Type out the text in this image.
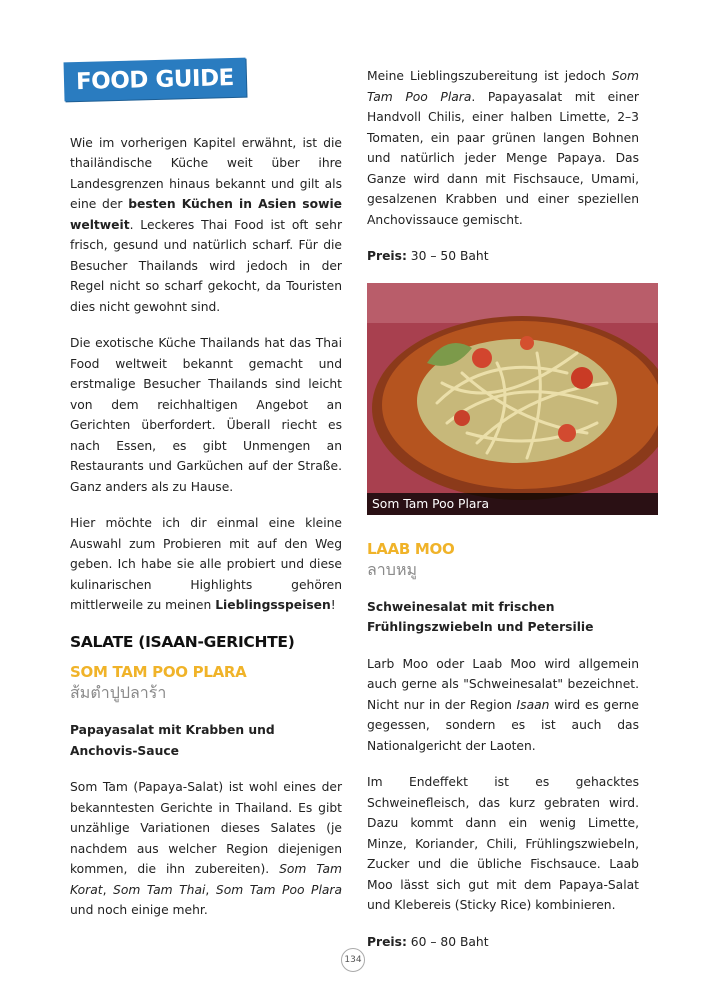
FOOD GUIDE

Wie im vorherigen Kapitel erwähnt, ist die thailändische Küche weit über ihre Landesgrenzen hinaus bekannt und gilt als eine der besten Küchen in Asien sowie weltweit. Leckeres Thai Food ist oft sehr frisch, gesund und natürlich scharf. Für die Besucher Thailands wird jedoch in der Regel nicht so scharf gekocht, da Touristen dies nicht gewohnt sind.

Die exotische Küche Thailands hat das Thai Food weltweit bekannt gemacht und erstmalige Besucher Thailands sind leicht von dem reichhaltigen Angebot an Gerichten überfordert. Überall riecht es nach Essen, es gibt Unmengen an Restaurants und Garküchen auf der Straße. Ganz anders als zu Hause.

Hier möchte ich dir einmal eine kleine Auswahl zum Probieren mit auf den Weg geben. Ich habe sie alle probiert und diese kulinarischen Highlights gehören mittlerweile zu meinen Lieblingsspeisen!

SALATE (ISAAN-GERICHTE)
SOM TAM POO PLARA
ส้มตำปูปลาร้า

Papayasalat mit Krabben und Anchovis-Sauce

Som Tam (Papaya-Salat) ist wohl eines der bekanntesten Gerichte in Thailand. Es gibt unzählige Variationen dieses Salates (je nachdem aus welcher Region diejenigen kommen, die ihn zubereiten). Som Tam Korat, Som Tam Thai, Som Tam Poo Plara und noch einige mehr.

Meine Lieblingszubereitung ist jedoch Som Tam Poo Plara. Papayasalat mit einer Handvoll Chilis, einer halben Limette, 2–3 Tomaten, ein paar grünen langen Bohnen und natürlich jeder Menge Papaya. Das Ganze wird dann mit Fischsauce, Umami, gesalzenen Krabben und einer speziellen Anchovissauce gemischt.

Preis: 30 – 50 Baht

Som Tam Poo Plara
LAAB MOO
ลาบหมู

Schweinesalat mit frischen Frühlingszwiebeln und Petersilie

Larb Moo oder Laab Moo wird allgemein auch gerne als "Schweinesalat" bezeichnet. Nicht nur in der Region Isaan wird es gerne gegessen, sondern es ist auch das Nationalgericht der Laoten.

Im Endeffekt ist es gehacktes Schweinefleisch, das kurz gebraten wird. Dazu kommt dann ein wenig Limette, Minze, Koriander, Chili, Frühlingszwiebeln, Zucker und die übliche Fischsauce. Laab Moo lässt sich gut mit dem Papaya-Salat und Klebereis (Sticky Rice) kombinieren.

Preis: 60 – 80 Baht

134
